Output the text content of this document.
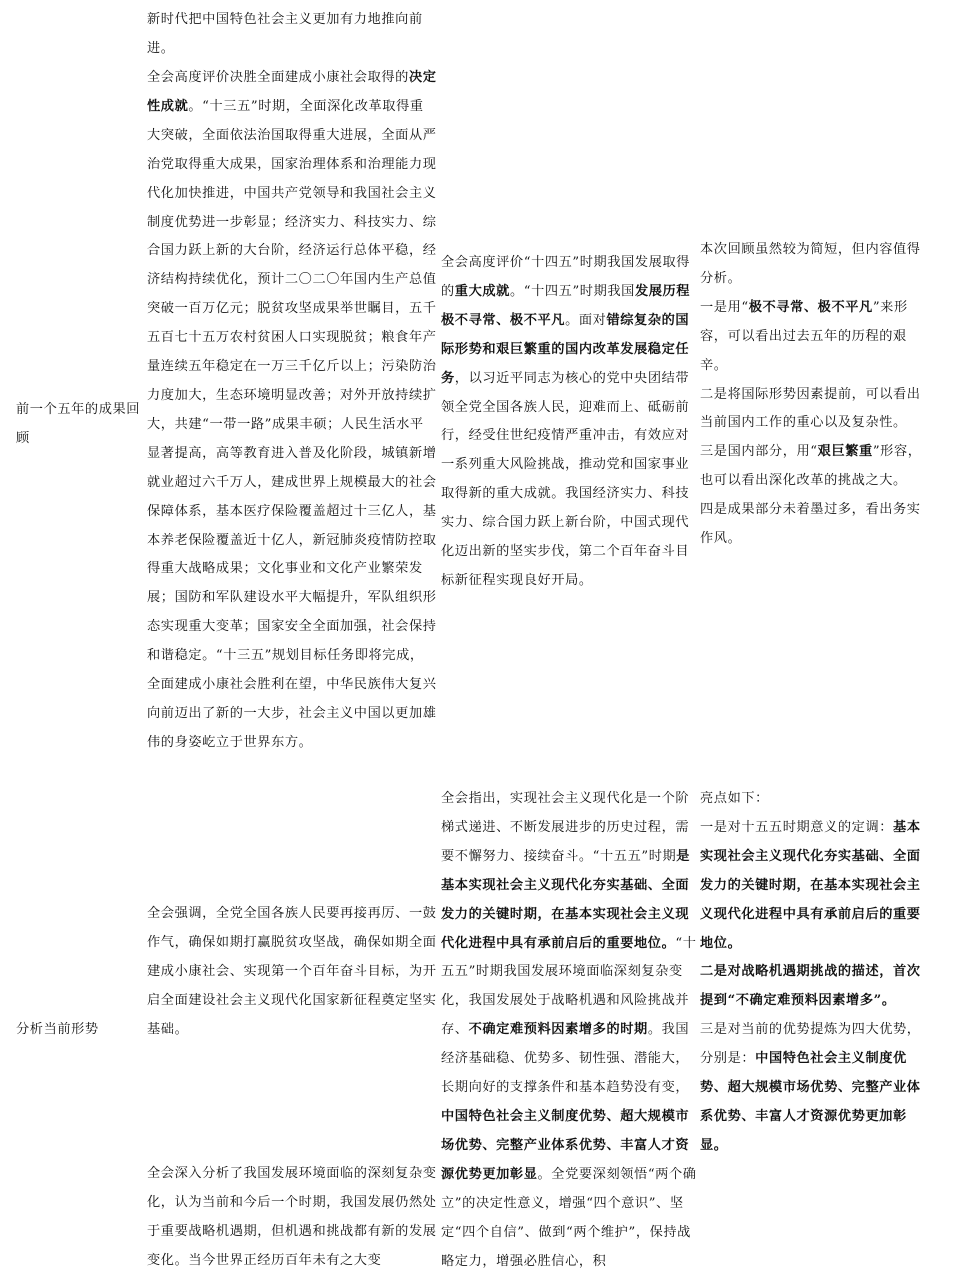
新时代把中国特色社会主义更加有力地推向前进。
全会高度评价决胜全面建成小康社会取得的决定性成就。“十三五”时期，全面深化改革取得重大突破，全面依法治国取得重大进展，全面从严治党取得重大成果，国家治理体系和治理能力现代化加快推进，中国共产党领导和我国社会主义制度优势进一步彰显；经济实力、科技实力、综合国力跃上新的大台阶，经济运行总体平稳，经济结构持续优化，预计二〇二〇年国内生产总值突破一百万亿元；脱贫攻坚成果举世瞩目，五千五百七十五万农村贫困人口实现脱贫；粮食年产量连续五年稳定在一万三千亿斤以上；污染防治力度加大，生态环境明显改善；对外开放持续扩大，共建“一带一路”成果丰硕；人民生活水平显著提高，高等教育进入普及化阶段，城镇新增就业超过六千万人，建成世界上规模最大的社会保障体系，基本医疗保险覆盖超过十三亿人，基本养老保险覆盖近十亿人，新冠肺炎疫情防控取得重大战略成果；文化事业和文化产业繁荣发展；国防和军队建设水平大幅提升，军队组织形态实现重大变革；国家安全全面加强，社会保持和谐稳定。“十三五”规划目标任务即将完成，全面建成小康社会胜利在望，中华民族伟大复兴向前迈出了新的一大步，社会主义中国以更加雄伟的身姿屹立于世界东方。
前一个五年的成果回顾
全会高度评价“十四五”时期我国发展取得的重大成就。“十四五”时期我国发展历程极不寻常、极不平凡。面对错综复杂的国际形势和艰巨繁重的国内改革发展稳定任务，以习近平同志为核心的党中央团结带领全党全国各族人民，迎难而上、砥砺前行，经受住世纪疫情严重冲击，有效应对一系列重大风险挑战，推动党和国家事业取得新的重大成就。我国经济实力、科技实力、综合国力跃上新台阶，中国式现代化迈出新的坚实步伐，第二个百年奋斗目标新征程实现良好开局。
本次回顾虽然较为简短，但内容值得分析。
一是用“极不寻常、极不平凡”来形容，可以看出过去五年的历程的艰辛。
二是将国际形势因素提前，可以看出当前国内工作的重心以及复杂性。
三是国内部分，用“艰巨繁重”形容，也可以看出深化改革的挑战之大。
四是成果部分未着墨过多，看出务实作风。
分析当前形势
全会强调，全党全国各族人民要再接再厉、一鼓作气，确保如期打赢脱贫攻坚战，确保如期全面建成小康社会、实现第一个百年奋斗目标，为开启全面建设社会主义现代化国家新征程奠定坚实基础。
全会深入分析了我国发展环境面临的深刻复杂变化，认为当前和今后一个时期，我国发展仍然处于重要战略机遇期，但机遇和挑战都有新的发展变化。当今世界正经历百年未有之大变
全会指出，实现社会主义现代化是一个阶梯式递进、不断发展进步的历史过程，需要不懈努力、接续奋斗。“十五五”时期是基本实现社会主义现代化夯实基础、全面发力的关键时期，在基本实现社会主义现代化进程中具有承前启后的重要地位。“十五五”时期我国发展环境面临深刻复杂变化，我国发展处于战略机遇和风险挑战并存、不确定难预料因素增多的时期。我国经济基础稳、优势多、韧性强、潜能大，长期向好的支撑条件和基本趋势没有变，中国特色社会主义制度优势、超大规模市场优势、完整产业体系优势、丰富人才资源优势更加彰显。全党要深刻领悟“两个确立”的决定性意义，增强“四个意识”、坚定“四个自信”、做到“两个维护”，保持战略定力，增强必胜信心，积
亮点如下：
一是对十五五时期意义的定调：基本实现社会主义现代化夯实基础、全面发力的关键时期，在基本实现社会主义现代化进程中具有承前启后的重要地位。
二是对战略机遇期挑战的描述，首次提到“不确定难预料因素增多”。
三是对当前的优势提炼为四大优势，分别是：中国特色社会主义制度优势、超大规模市场优势、完整产业体系优势、丰富人才资源优势更加彰显。
